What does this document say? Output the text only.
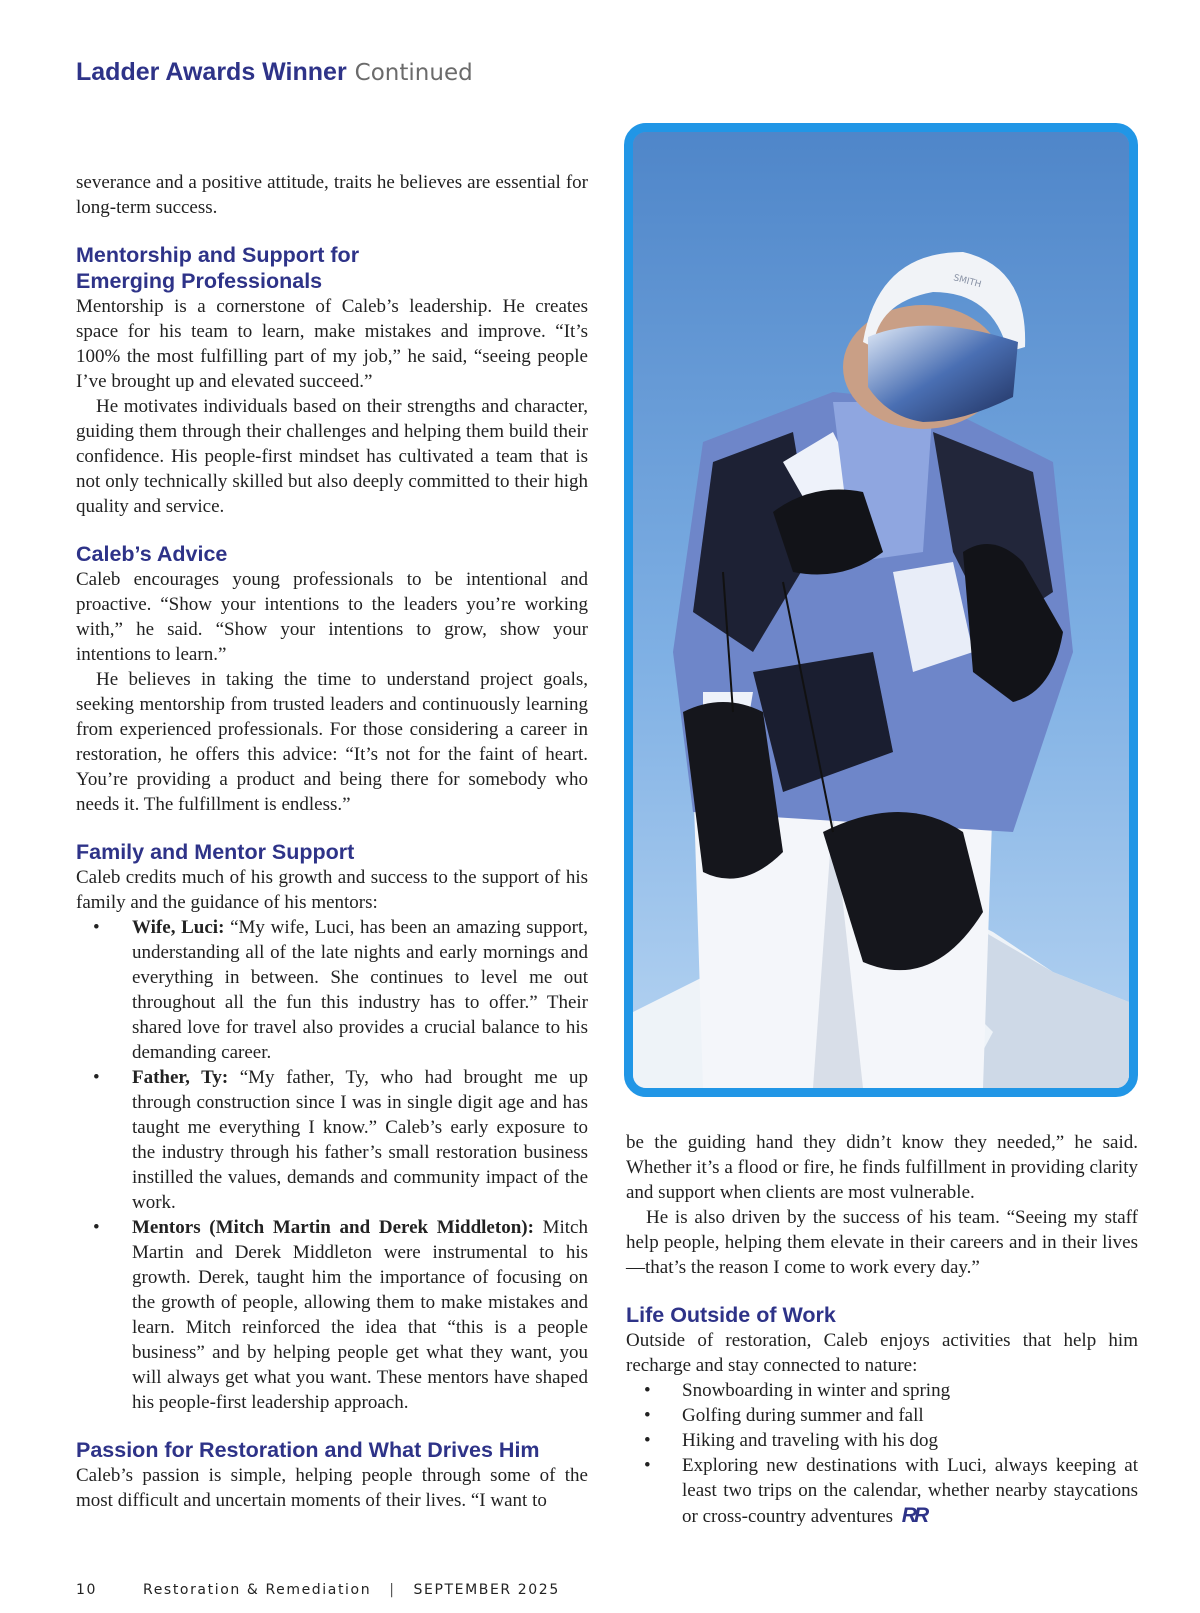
Ladder Awards Winner Continued

severance and a positive attitude, traits he believes are essential for long-term success.

Mentorship and Support for
Emerging Professionals

Mentorship is a cornerstone of Caleb’s leadership. He creates space for his team to learn, make mistakes and improve. “It’s 100% the most fulfilling part of my job,” he said, “seeing people I’ve brought up and elevated succeed.”

He motivates individuals based on their strengths and character, guiding them through their challenges and helping them build their confidence. His people-first mindset has cultivated a team that is not only technically skilled but also deeply committed to their high quality and service.

Caleb’s Advice

Caleb encourages young professionals to be intentional and proactive. “Show your intentions to the leaders you’re working with,” he said. “Show your intentions to grow, show your intentions to learn.”

He believes in taking the time to understand project goals, seeking mentorship from trusted leaders and continuously learning from experienced professionals. For those considering a career in restoration, he offers this advice: “It’s not for the faint of heart. You’re providing a product and being there for somebody who needs it. The fulfillment is endless.”

Family and Mentor Support

Caleb credits much of his growth and success to the support of his family and the guidance of his mentors:

• Wife, Luci: “My wife, Luci, has been an amazing support, understanding all of the late nights and early mornings and everything in between. She continues to level me out throughout all the fun this industry has to offer.” Their shared love for travel also provides a crucial balance to his demanding career.
• Father, Ty: “My father, Ty, who had brought me up through construction since I was in single digit age and has taught me everything I know.” Caleb’s early exposure to the industry through his father’s small restoration business instilled the values, demands and community impact of the work.
• Mentors (Mitch Martin and Derek Middleton): Mitch Martin and Derek Middleton were instrumental to his growth. Derek, taught him the importance of focusing on the growth of people, allowing them to make mistakes and learn. Mitch reinforced the idea that “this is a people business” and by helping people get what they want, you will always get what you want. These mentors have shaped his people-first leadership approach.
Passion for Restoration and What Drives Him

Caleb’s passion is simple, helping people through some of the most difficult and uncertain moments of their lives. “I want to

SMITH

be the guiding hand they didn’t know they needed,” he said. Whether it’s a flood or fire, he finds fulfillment in providing clarity and support when clients are most vulnerable.

He is also driven by the success of his team. “Seeing my staff help people, helping them elevate in their careers and in their lives—that’s the reason I come to work every day.”

Life Outside of Work

Outside of restoration, Caleb enjoys activities that help him recharge and stay connected to nature:

• Snowboarding in winter and spring
• Golfing during summer and fall
• Hiking and traveling with his dog
• Exploring new destinations with Luci, always keeping at least two trips on the calendar, whether nearby staycations or cross-country adventures RR
10	Restoration & Remediation | SEPTEMBER 2025
